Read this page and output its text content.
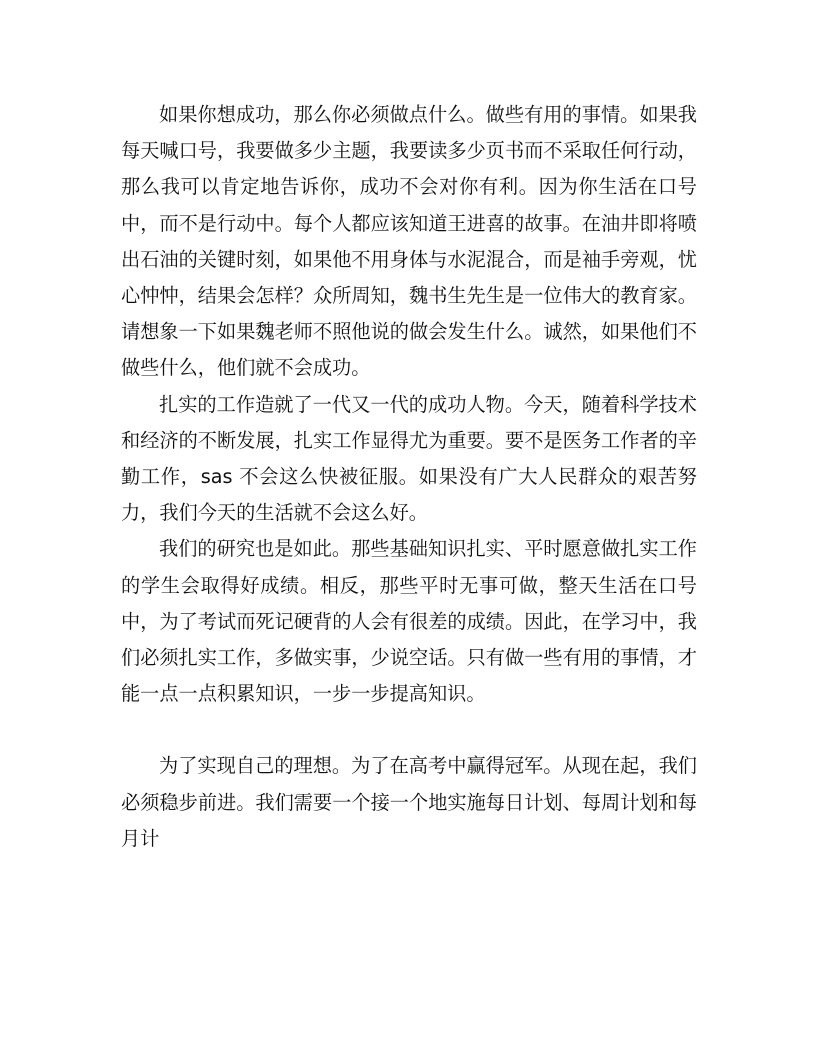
如果你想成功，那么你必须做点什么。做些有用的事情。如果我每天喊口号，我要做多少主题，我要读多少页书而不采取任何行动，那么我可以肯定地告诉你，成功不会对你有利。因为你生活在口号中，而不是行动中。每个人都应该知道王进喜的故事。在油井即将喷出石油的关键时刻，如果他不用身体与水泥混合，而是袖手旁观，忧心忡忡，结果会怎样？众所周知，魏书生先生是一位伟大的教育家。请想象一下如果魏老师不照他说的做会发生什么。诚然，如果他们不做些什么，他们就不会成功。

扎实的工作造就了一代又一代的成功人物。今天，随着科学技术和经济的不断发展，扎实工作显得尤为重要。要不是医务工作者的辛勤工作，sas 不会这么快被征服。如果没有广大人民群众的艰苦努力，我们今天的生活就不会这么好。

我们的研究也是如此。那些基础知识扎实、平时愿意做扎实工作的学生会取得好成绩。相反，那些平时无事可做，整天生活在口号中，为了考试而死记硬背的人会有很差的成绩。因此，在学习中，我们必须扎实工作，多做实事，少说空话。只有做一些有用的事情，才能一点一点积累知识，一步一步提高知识。

为了实现自己的理想。为了在高考中赢得冠军。从现在起，我们必须稳步前进。我们需要一个接一个地实施每日计划、每周计划和每月计
